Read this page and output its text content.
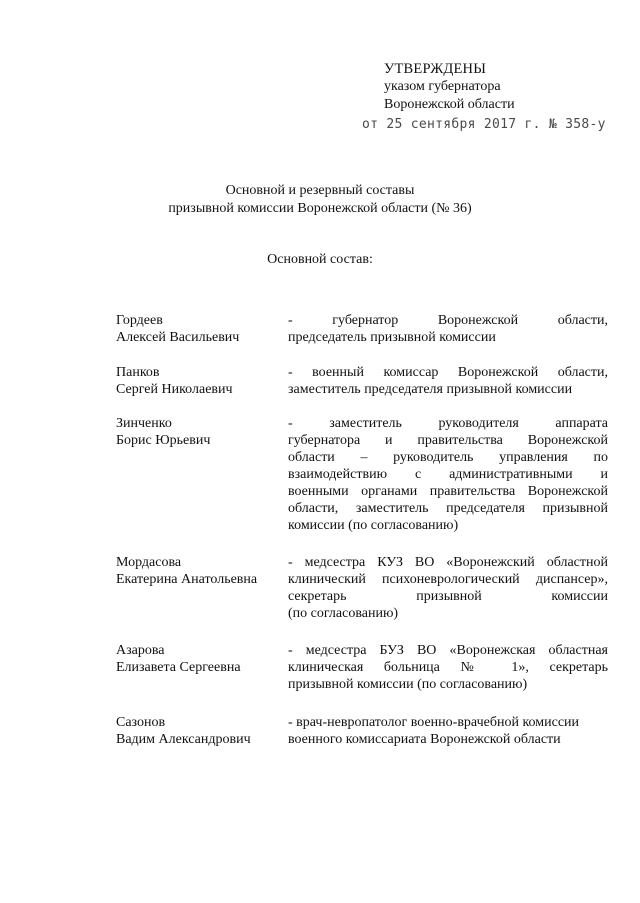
УТВЕРЖДЕНЫ
указом губернатора
Воронежской области
от 25 сентября 2017 г. № 358-у
Основной и резервный составы
призывной комиссии Воронежской области (№ 36)
Основной состав:
Гордеев
Алексей Васильевич
- губернатор Воронежской области,
председатель призывной комиссии
Панков
Сергей Николаевич
- военный комиссар Воронежской области,
заместитель председателя призывной комиссии
Зинченко
Борис Юрьевич
- заместитель руководителя аппарата
губернатора и правительства Воронежской
области – руководитель управления по
взаимодействию с административными и
военными органами правительства Воронежской
области, заместитель председателя призывной
комиссии (по согласованию)
Мордасова
Екатерина Анатольевна
- медсестра КУЗ ВО «Воронежский областной
клинический психоневрологический диспансер»,
секретарь призывной комиссии
(по согласованию)
Азарова
Елизавета Сергеевна
- медсестра БУЗ ВО «Воронежская областная
клиническая больница № 1», секретарь
призывной комиссии (по согласованию)
Сазонов
Вадим Александрович
- врач-невропатолог военно-врачебной комиссии
военного комиссариата Воронежской области
